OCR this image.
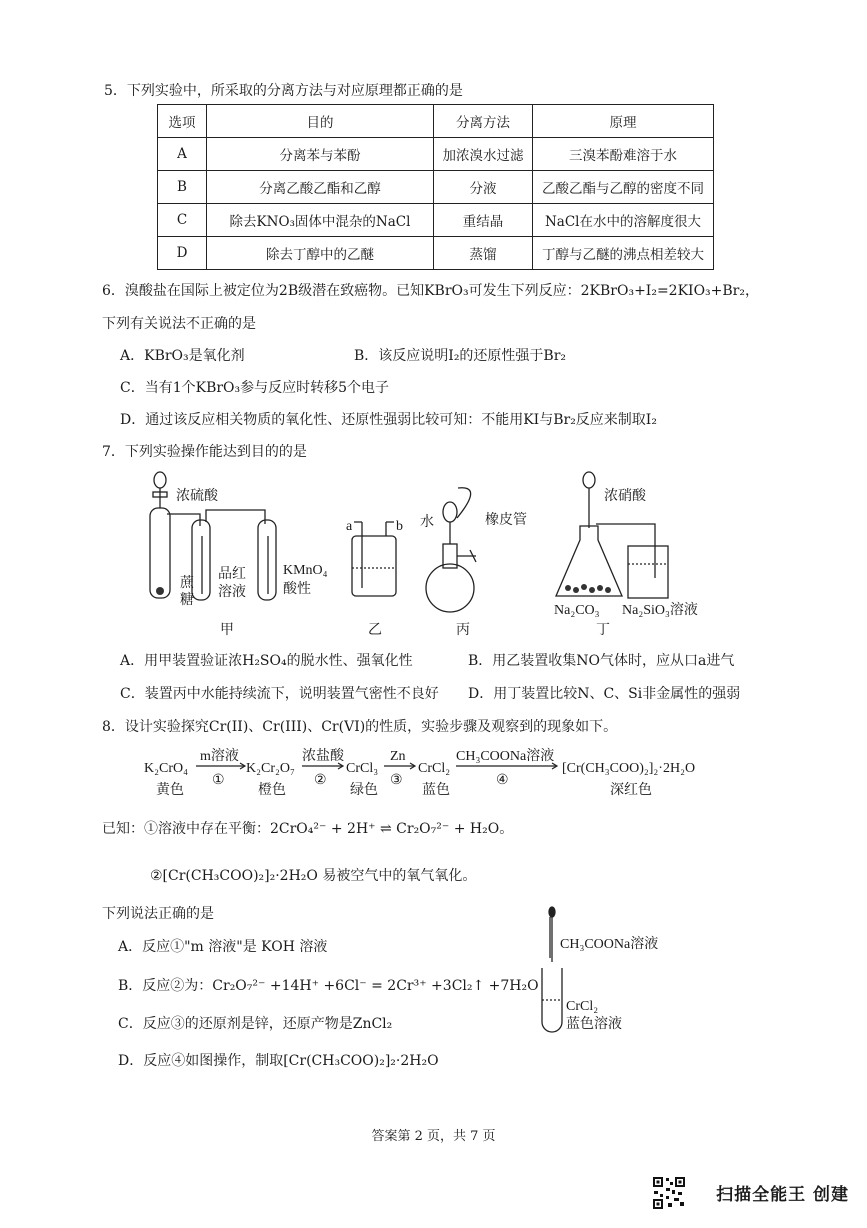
5．下列实验中，所采取的分离方法与对应原理都正确的是
选项	目的	分离方法	原理
A	分离苯与苯酚	加浓溴水过滤	三溴苯酚难溶于水
B	分离乙酸乙酯和乙醇	分液	乙酸乙酯与乙醇的密度不同
C	除去KNO₃固体中混杂的NaCl	重结晶	NaCl在水中的溶解度很大
D	除去丁醇中的乙醚	蒸馏	丁醇与乙醚的沸点相差较大
6．溴酸盐在国际上被定位为2B级潜在致癌物。已知KBrO₃可发生下列反应：2KBrO₃+I₂=2KIO₃+Br₂，
下列有关说法不正确的是
A．KBrO₃是氧化剂	B．该反应说明I₂的还原性强于Br₂
C．当有1个KBrO₃参与反应时转移5个电子
D．通过该反应相关物质的氧化性、还原性强弱比较可知：不能用KI与Br₂反应来制取I₂
7．下列实验操作能达到目的的是
浓硫酸
蔗
糖
品红
溶液
KMnO₄
酸性
a	b 水	橡皮管
浓硝酸
Na₂CO₃ Na₂SiO₃溶液
甲	乙	丙	丁
A．用甲装置验证浓H₂SO₄的脱水性、强氧化性	B．用乙装置收集NO气体时，应从口a进气
C．装置丙中水能持续流下，说明装置气密性不良好 D．用丁装置比较N、C、Si非金属性的强弱
8．设计实验探究Cr(II)、Cr(III)、Cr(VI)的性质，实验步骤及观察到的现象如下。
K₂CrO₄
黄色
m溶液
①
K₂Cr₂O₇
橙色
浓盐酸
②
CrCl₃
绿色
Zn
③
CrCl₂
蓝色
CH₃COONa溶液
④
[Cr(CH₃COO)₂]₂·2H₂O
深红色
已知：①溶液中存在平衡：2CrO₄²⁻ + 2H⁺ ⇌ Cr₂O₇²⁻ + H₂O。
②[Cr(CH₃COO)₂]₂·2H₂O 易被空气中的氧气氧化。
下列说法正确的是
A．反应①"m 溶液"是 KOH 溶液
B．反应②为：Cr₂O₇²⁻ +14H⁺ +6Cl⁻ = 2Cr³⁺ +3Cl₂↑ +7H₂O
C．反应③的还原剂是锌，还原产物是ZnCl₂
D．反应④如图操作，制取[Cr(CH₃COO)₂]₂·2H₂O
CH₃COONa溶液
CrCl₂
蓝色溶液
答案第 2 页，共 7 页
扫描全能王 创建
